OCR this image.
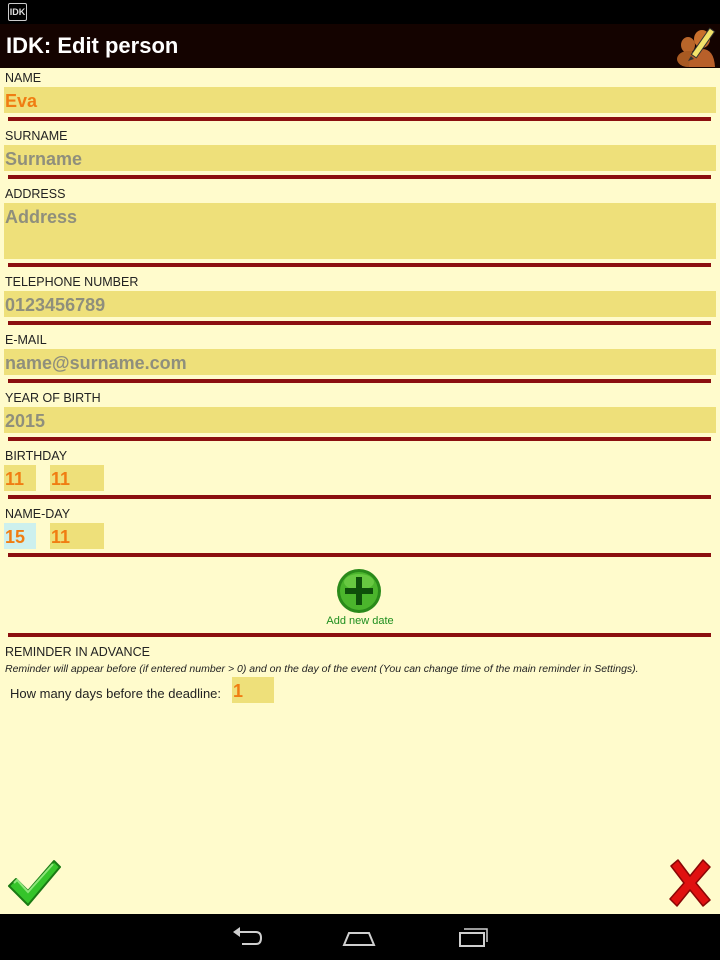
IDK
IDK: Edit person
NAME
Eva
SURNAME
Surname
ADDRESS
Address
TELEPHONE NUMBER
0123456789
E-MAIL
name@surname.com
YEAR OF BIRTH
2015
BIRTHDAY
11	11
NAME-DAY
15	11
Add new date
REMINDER IN ADVANCE
Reminder will appear before (if entered number > 0) and on the day of the event (You can change time of the main reminder in Settings).
How many days before the deadline: 1
